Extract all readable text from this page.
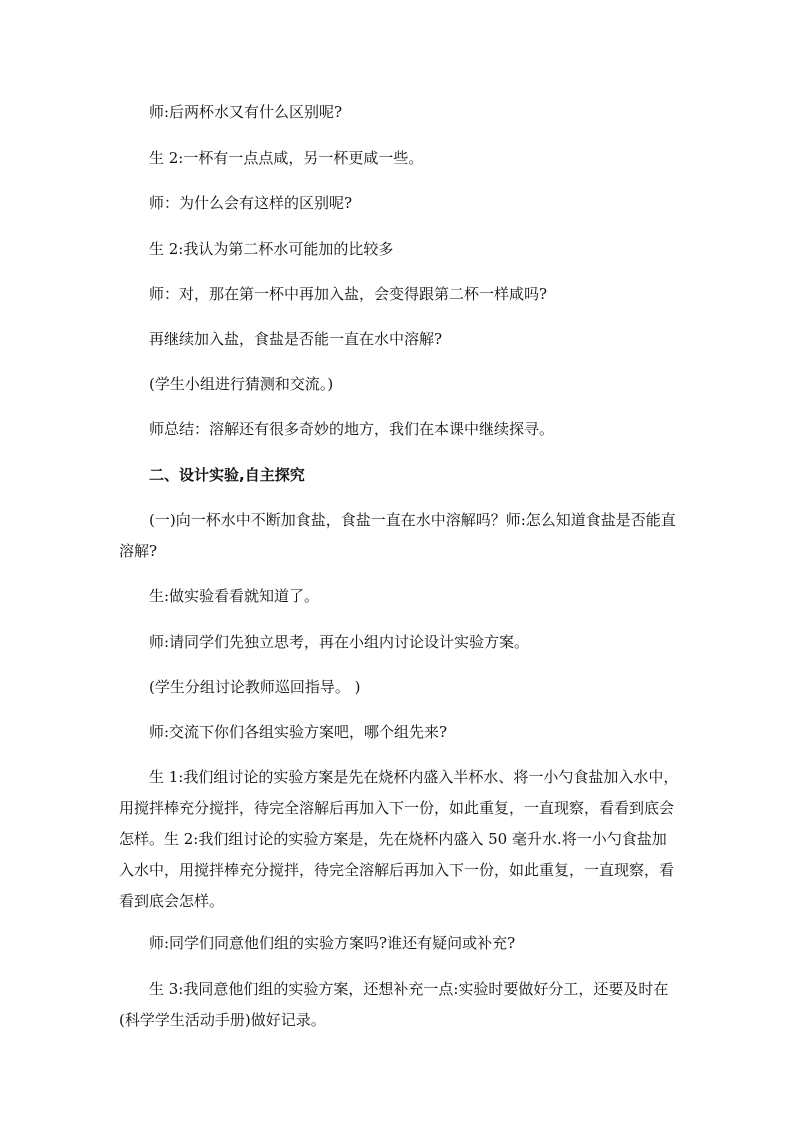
师:后两杯水又有什么区别呢?

生 2:一杯有一点点咸，另一杯更咸一些。

师：为什么会有这样的区别呢?

生 2:我认为第二杯水可能加的比较多

师：对，那在第一杯中再加入盐，会变得跟第二杯一样咸吗?

再继续加入盐，食盐是否能一直在水中溶解?

(学生小组进行猜测和交流。)

师总结：溶解还有很多奇妙的地方，我们在本课中继续探寻。

二、设计实验,自主探究

(一)向一杯水中不断加食盐，食盐一直在水中溶解吗？师:怎么知道食盐是否能直溶解?

生:做实验看看就知道了。

师:请同学们先独立思考，再在小组内讨论设计实验方案。

(学生分组讨论教师巡回指导。 )

师:交流下你们各组实验方案吧，哪个组先来?

生 1:我们组讨论的实验方案是先在烧杯内盛入半杯水、将一小勺食盐加入水中，用搅拌棒充分搅拌，待完全溶解后再加入下一份，如此重复，一直现察，看看到底会怎样。生 2:我们组讨论的实验方案是，先在烧杯内盛入 50 毫升水.将一小勺食盐加入水中，用搅拌棒充分搅拌，待完全溶解后再加入下一份，如此重复，一直现察，看看到底会怎样。

师:同学们同意他们组的实验方案吗?谁还有疑问或补充?

生 3:我同意他们组的实验方案，还想补充一点:实验时要做好分工，还要及时在(科学学生活动手册)做好记录。
